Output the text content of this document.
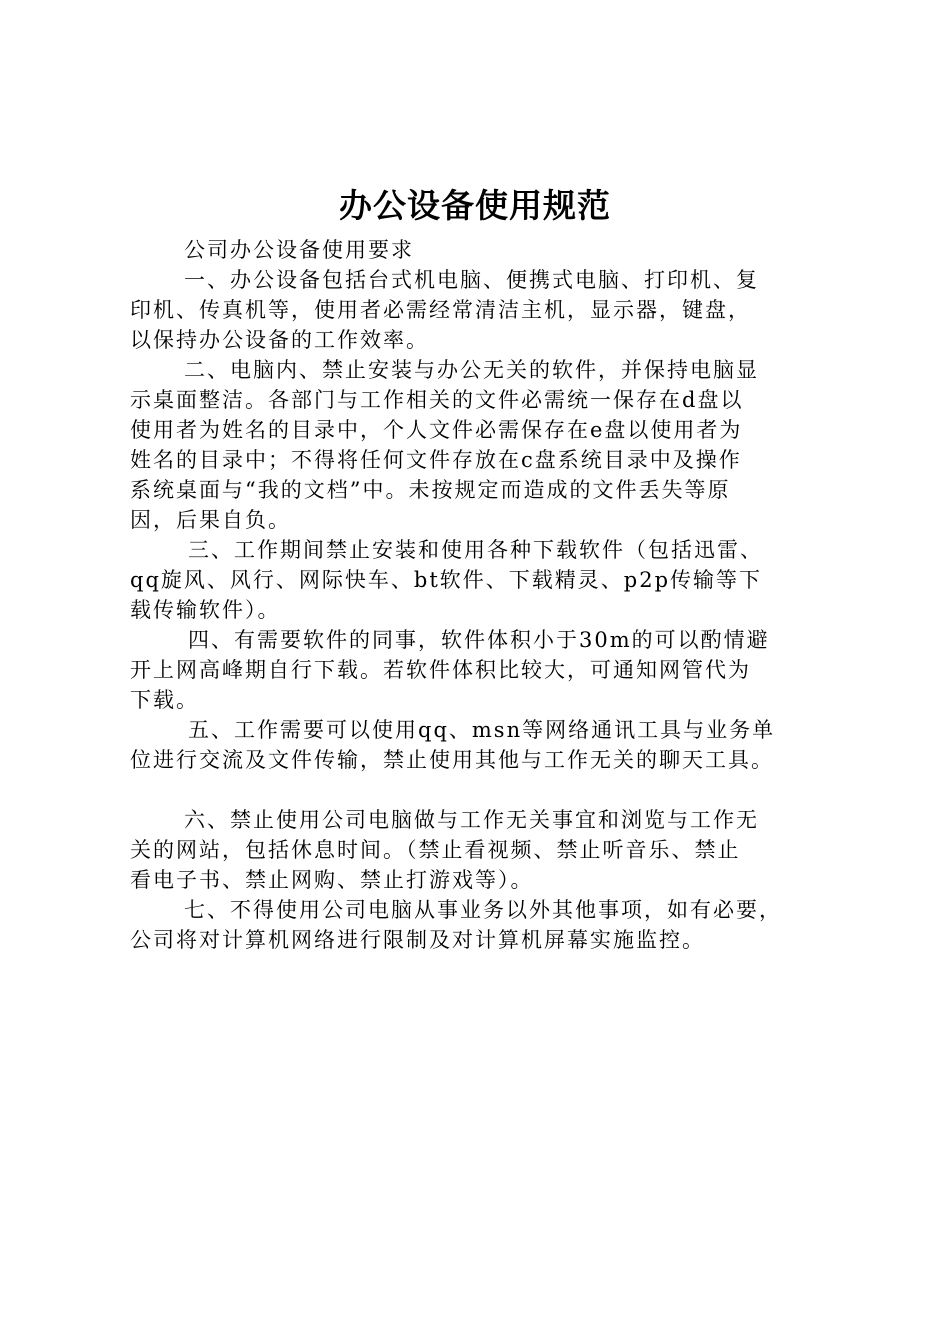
办公设备使用规范
公司办公设备使用要求
一、办公设备包括台式机电脑、便携式电脑、打印机、复
印机、传真机等，使用者必需经常清洁主机，显示器，键盘，
以保持办公设备的工作效率。
二、电脑内、禁止安装与办公无关的软件，并保持电脑显
示桌面整洁。各部门与工作相关的文件必需统一保存在d盘以
使用者为姓名的目录中，个人文件必需保存在e盘以使用者为
姓名的目录中；不得将任何文件存放在c盘系统目录中及操作
系统桌面与“我的文档”中。未按规定而造成的文件丢失等原
因，后果自负。
三、工作期间禁止安装和使用各种下载软件（包括迅雷、
qq旋风、风行、网际快车、bt软件、下载精灵、p2p传输等下
载传输软件）。
四、有需要软件的同事，软件体积小于30m的可以酌情避
开上网高峰期自行下载。若软件体积比较大，可通知网管代为
下载。
五、工作需要可以使用qq、msn等网络通讯工具与业务单
位进行交流及文件传输，禁止使用其他与工作无关的聊天工具。
六、禁止使用公司电脑做与工作无关事宜和浏览与工作无
关的网站，包括休息时间。（禁止看视频、禁止听音乐、禁止
看电子书、禁止网购、禁止打游戏等）。
七、不得使用公司电脑从事业务以外其他事项，如有必要，
公司将对计算机网络进行限制及对计算机屏幕实施监控。
